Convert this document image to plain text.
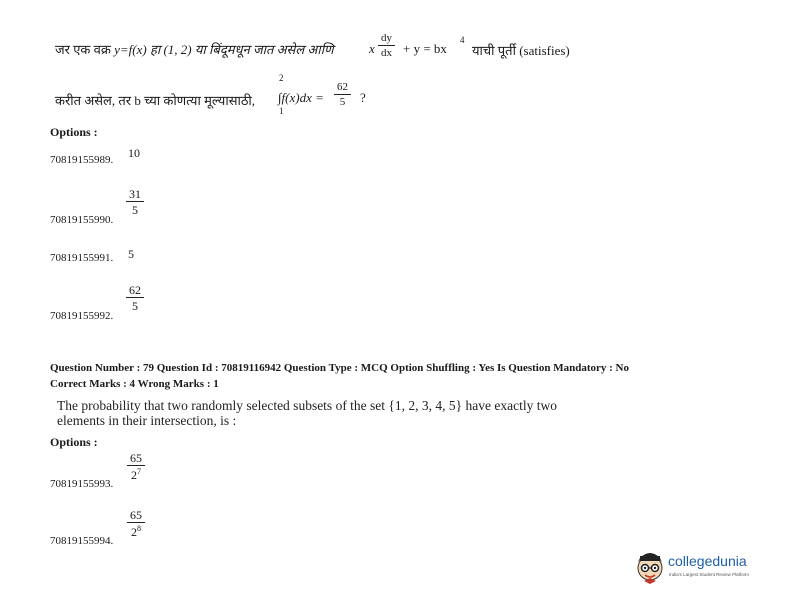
जर एक वक्र y=f(x) हा (1, 2) या बिंदूमधून जात असेल आणि	x $\frac{dy}{dx} + y$ = bx
4
याची पूर्ती (satisfies)
करीत असेल, तर b च्या कोणत्या मूल्यासाठी,
2
1
$\int f(x)dx = \frac{62}{5}$ ?
Options :
70819155989. 10
70819155990.
$\frac{31}{5}$
70819155991. 5
70819155992.
$\frac{62}{5}$
Question Number : 79 Question Id : 70819116942 Question Type : MCQ Option Shuffling : Yes Is Question Mandatory : No
Correct Marks : 4 Wrong Marks : 1
The probability that two randomly selected subsets of the set {1, 2, 3, 4, 5} have exactly two
elements in their intersection, is :
Options :
70819155993.
$\frac{65}{2^7}$
70819155994.
$\frac{65}{2^8}$
collegedunia
India's Largest Student Review Platform
